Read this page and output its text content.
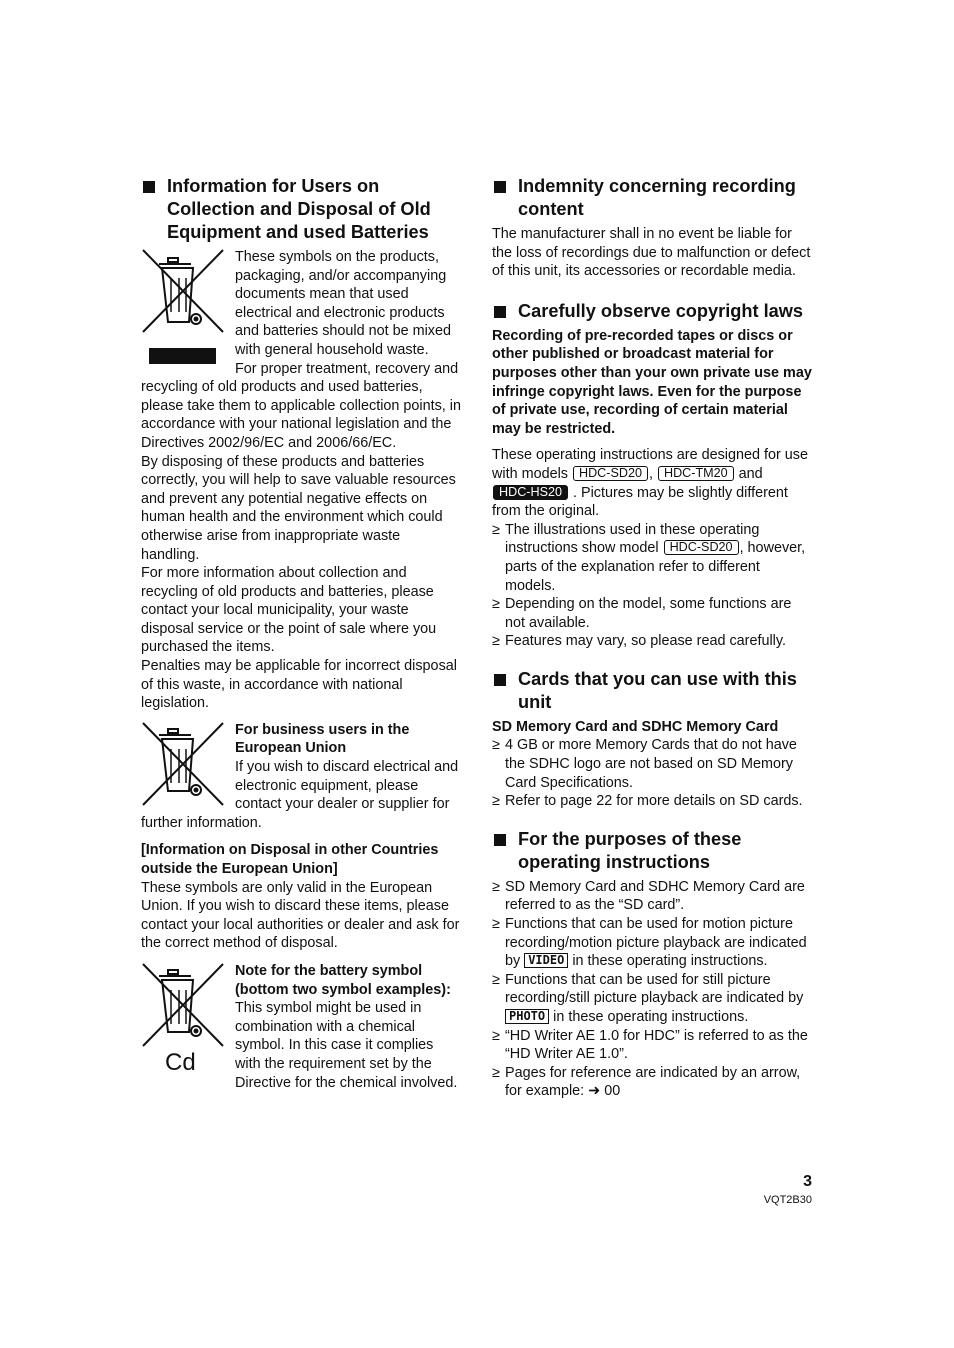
Information for Users on Collection and Disposal of Old Equipment and used Batteries

These symbols on the products, packaging, and/or accompanying documents mean that used electrical and electronic products and batteries should not be mixed with general household waste.

For proper treatment, recovery and recycling of old products and used batteries, please take them to applicable collection points, in accordance with your national legislation and the Directives 2002/96/EC and 2006/66/EC.

By disposing of these products and batteries correctly, you will help to save valuable resources and prevent any potential negative effects on human health and the environment which could otherwise arise from inappropriate waste handling.

For more information about collection and recycling of old products and batteries, please contact your local municipality, your waste disposal service or the point of sale where you purchased the items.

Penalties may be applicable for incorrect disposal of this waste, in accordance with national legislation.

For business users in the European Union

If you wish to discard electrical and electronic equipment, please contact your dealer or supplier for further information.

[Information on Disposal in other Countries outside the European Union]

These symbols are only valid in the European Union. If you wish to discard these items, please contact your local authorities or dealer and ask for the correct method of disposal.

Cd

Note for the battery symbol (bottom two symbol examples):

This symbol might be used in combination with a chemical symbol. In this case it complies with the requirement set by the Directive for the chemical involved.

Indemnity concerning recording content

The manufacturer shall in no event be liable for the loss of recordings due to malfunction or defect of this unit, its accessories or recordable media.

Carefully observe copyright laws

Recording of pre-recorded tapes or discs or other published or broadcast material for purposes other than your own private use may infringe copyright laws. Even for the purpose of private use, recording of certain material may be restricted.

These operating instructions are designed for use with models HDC-SD20 , HDC-TM20 and HDC-HS20 . Pictures may be slightly different from the original.

≥ The illustrations used in these operating instructions show model HDC-SD20 , however, parts of the explanation refer to different models.
≥ Depending on the model, some functions are not available.
≥ Features may vary, so please read carefully.
Cards that you can use with this unit

SD Memory Card and SDHC Memory Card

≥ 4 GB or more Memory Cards that do not have the SDHC logo are not based on SD Memory Card Specifications.
≥ Refer to page 22 for more details on SD cards.
For the purposes of these operating instructions
≥ SD Memory Card and SDHC Memory Card are referred to as the “SD card”.
≥ Functions that can be used for motion picture recording/motion picture playback are indicated by VIDEO in these operating instructions.
≥ Functions that can be used for still picture recording/still picture playback are indicated by PHOTO in these operating instructions.
≥ “HD Writer AE 1.0 for HDC” is referred to as the “HD Writer AE 1.0”.
≥ Pages for reference are indicated by an arrow, for example: ➜ 00
3
VQT2B30
